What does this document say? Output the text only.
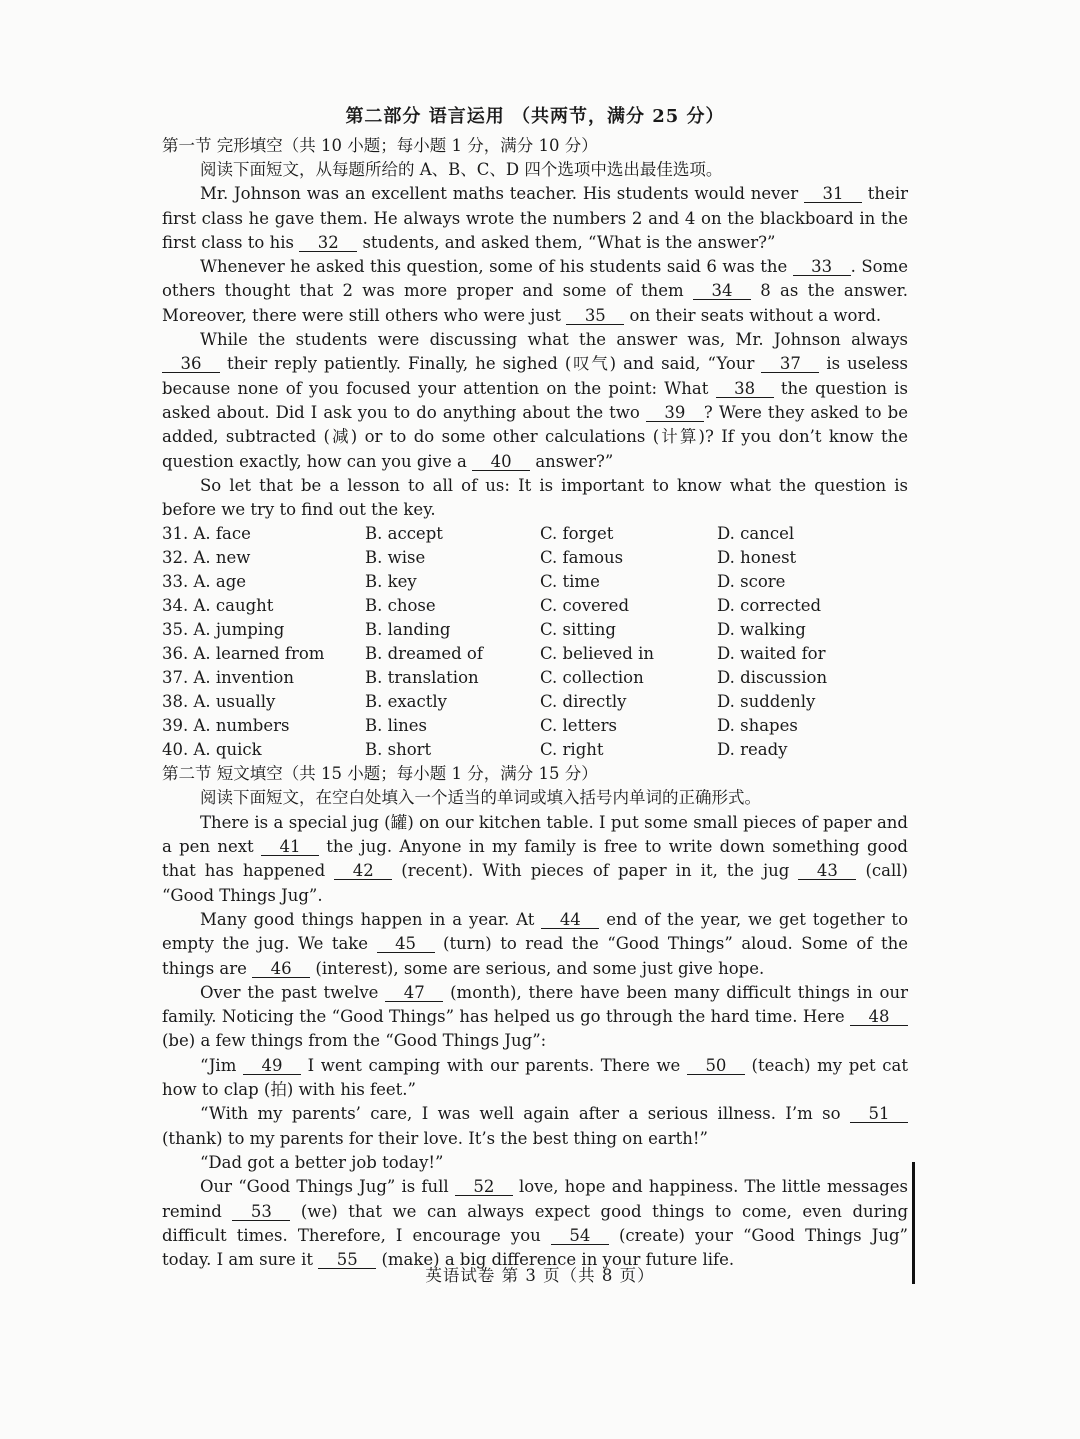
第二部分 语言运用 （共两节，满分 25 分）
第一节 完形填空（共 10 小题；每小题 1 分，满分 10 分）
阅读下面短文，从每题所给的 A、B、C、D 四个选项中选出最佳选项。
Mr. Johnson was an excellent maths teacher. His students would never 31 their first class he gave them. He always wrote the numbers 2 and 4 on the blackboard in the first class to his 32 students, and asked them, “What is the answer?”
Whenever he asked this question, some of his students said 6 was the 33 . Some others thought that 2 was more proper and some of them 34 8 as the answer. Moreover, there were still others who were just 35 on their seats without a word.
While the students were discussing what the answer was, Mr. Johnson always 36 their reply patiently. Finally, he sighed (叹气) and said, “Your 37 is useless because none of you focused your attention on the point: What 38 the question is asked about. Did I ask you to do anything about the two 39 ? Were they asked to be added, subtracted (减) or to do some other calculations (计算)? If you don’t know the question exactly, how can you give a 40 answer?”
So let that be a lesson to all of us: It is important to know what the question is before we try to find out the key.
31. A. face	B. accept	C. forget	D. cancel
32. A. new	B. wise	C. famous	D. honest
33. A. age	B. key	C. time	D. score
34. A. caught	B. chose	C. covered	D. corrected
35. A. jumping	B. landing	C. sitting	D. walking
36. A. learned from	B. dreamed of	C. believed in	D. waited for
37. A. invention	B. translation	C. collection	D. discussion
38. A. usually	B. exactly	C. directly	D. suddenly
39. A. numbers	B. lines	C. letters	D. shapes
40. A. quick	B. short	C. right	D. ready
第二节 短文填空（共 15 小题；每小题 1 分，满分 15 分）
阅读下面短文，在空白处填入一个适当的单词或填入括号内单词的正确形式。
There is a special jug (罐) on our kitchen table. I put some small pieces of paper and a pen next 41 the jug. Anyone in my family is free to write down something good that has happened 42 (recent). With pieces of paper in it, the jug 43 (call) “Good Things Jug”.
Many good things happen in a year. At 44 end of the year, we get together to empty the jug. We take 45 (turn) to read the “Good Things” aloud. Some of the things are 46 (interest), some are serious, and some just give hope.
Over the past twelve 47 (month), there have been many difficult things in our family. Noticing the “Good Things” has helped us go through the hard time. Here 48 (be) a few things from the “Good Things Jug”:
“Jim 49 I went camping with our parents. There we 50 (teach) my pet cat how to clap (拍) with his feet.”
“With my parents’ care, I was well again after a serious illness. I’m so 51 (thank) to my parents for their love. It’s the best thing on earth!”
“Dad got a better job today!”
Our “Good Things Jug” is full 52 love, hope and happiness. The little messages remind 53 (we) that we can always expect good things to come, even during difficult times. Therefore, I encourage you 54 (create) your “Good Things Jug” today. I am sure it 55 (make) a big difference in your future life.
英语试卷 第 3 页（共 8 页）
